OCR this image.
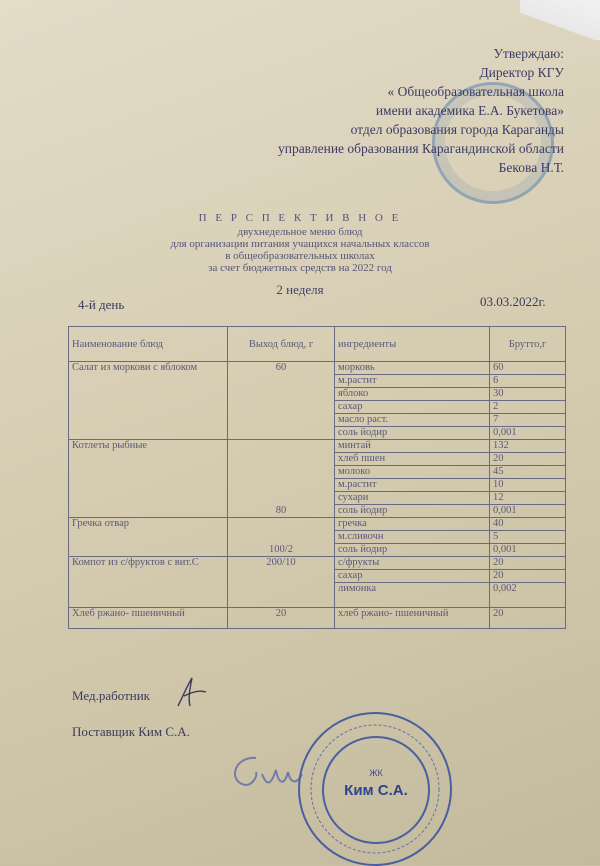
Утверждаю:
Директор КГУ
« Общеобразовательная школа
имени академика Е.А. Букетова»
отдел образования города Караганды
управление образования Карагандинской области
Бекова Н.Т.
П Е Р С П Е К Т И В Н О Е
двухнедельное меню блюд
для организации питания учащихся начальных классов
в общеобразовательных школах
за счет бюджетных средств на 2022 год
2 неделя
4-й день	03.03.2022г.
Наименование блюд	Выход блюд, г	ингредиенты	Брутто,г
Салат из моркови с яблоком	60	морковь	60
		м.растит	6
		яблоко	30
		сахар	2
		масло раст.	7
		соль йодир	0,001
Котлеты рыбные	80	минтай	132
		хлеб пшен	20
		молоко	45
		м.растит	10
		сухари	12
		соль йодир	0,001
Гречка отвар	100/2	гречка	40
		м.сливочн	5
		соль йодир	0,001
Компот из с/фруктов с вит.С	200/10	с/фрукты	20
		сахар	20
		лимонка	0,002
Хлеб ржано- пшеничный	20	хлеб ржано- пшеничный	20
Мед.работник
Поставщик Ким С.А.
ЖК
Ким С.А.
